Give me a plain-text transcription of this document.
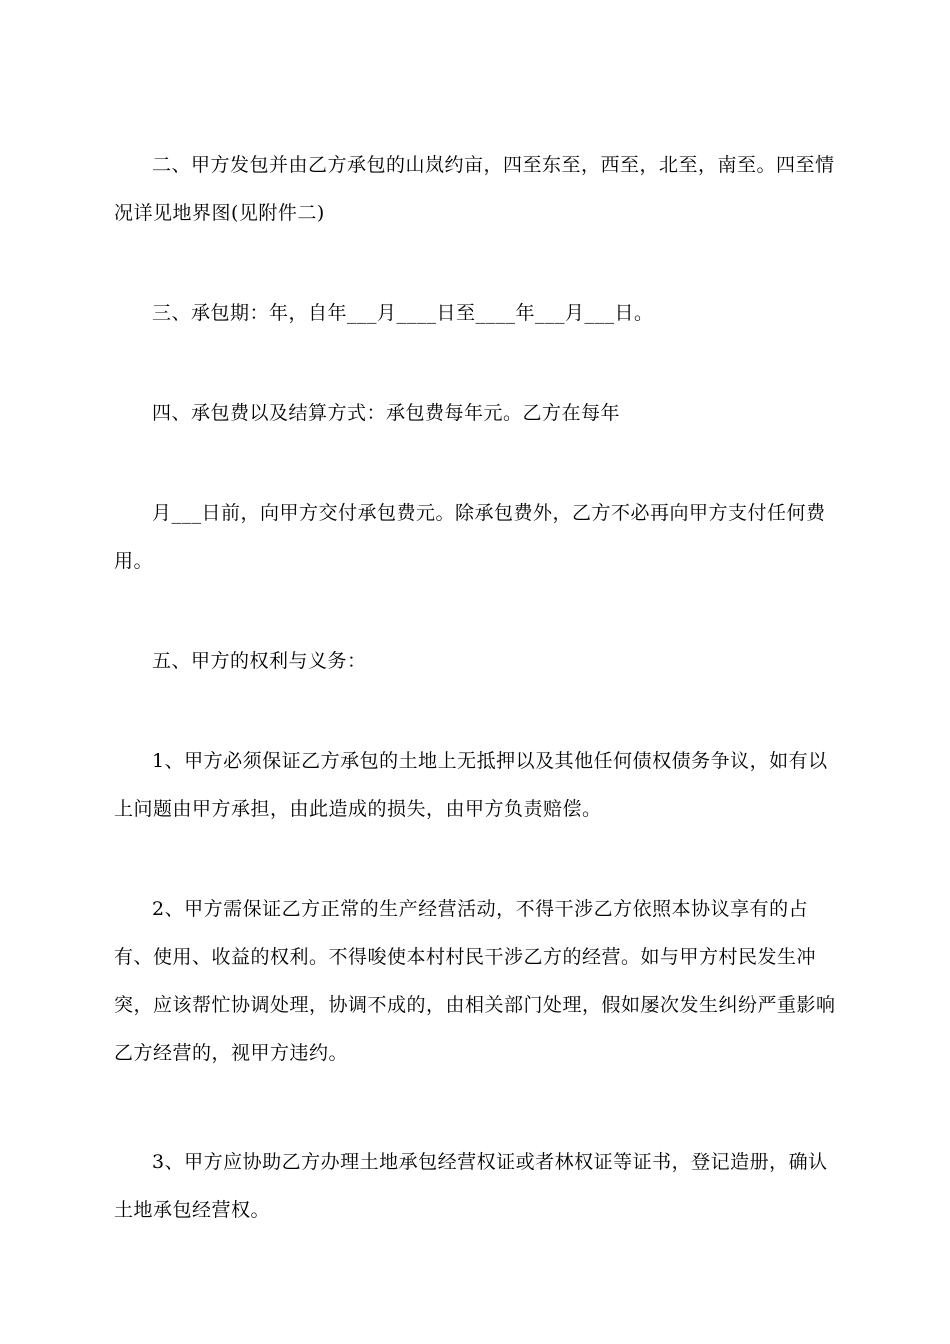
二、甲方发包并由乙方承包的山岚约亩，四至东至，西至，北至，南至。四至情况详见地界图(见附件二)

三、承包期：年，自年___月____日至____年___月___日。

四、承包费以及结算方式：承包费每年元。乙方在每年

月___日前，向甲方交付承包费元。除承包费外，乙方不必再向甲方支付任何费用。

五、甲方的权利与义务：

1、甲方必须保证乙方承包的土地上无抵押以及其他任何债权债务争议，如有以上问题由甲方承担，由此造成的损失，由甲方负责赔偿。

2、甲方需保证乙方正常的生产经营活动，不得干涉乙方依照本协议享有的占有、使用、收益的权利。不得唆使本村村民干涉乙方的经营。如与甲方村民发生冲突，应该帮忙协调处理，协调不成的，由相关部门处理，假如屡次发生纠纷严重影响乙方经营的，视甲方违约。

3、甲方应协助乙方办理土地承包经营权证或者林权证等证书，登记造册，确认土地承包经营权。
